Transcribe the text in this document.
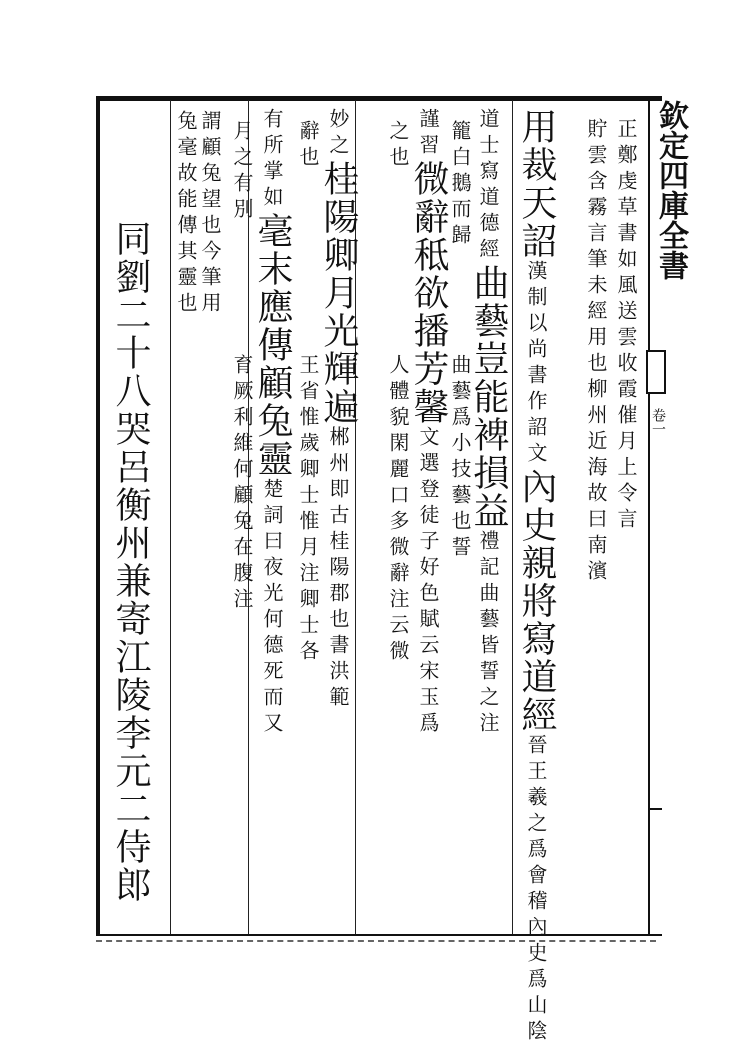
欽定四庫全書
卷一
正鄭虔草書如風送雲收霞催月上令言
貯雲含霧言筆未經用也柳州近海故曰南濱
用裁天詔漢制以尚書作詔文內史親將寫道經晉王羲之爲會稽內史爲山陰
道士寫道德經曲藝豈能裨損益禮記曲藝皆誓之注
籠白鵝而歸　　　　曲藝爲小技藝也誓
謹習微辭秪欲播芳馨文選登徒子好色賦云宋玉爲
之也　　　　　　　人體貌閑麗口多微辭注云微
妙之桂陽卿月光輝遍郴州即古桂陽郡也書洪範
辭也　　　　　　　王省惟歲卿士惟月注卿士各
有所掌如毫末應傳顧兔靈楚詞曰夜光何德死而又
月之有別　　　　　育厥利維何顧兔在腹注
謂顧兔望也今筆用
兔毫故能傳其靈也
同劉二十八哭呂衡州兼寄江陵李元二侍郎
